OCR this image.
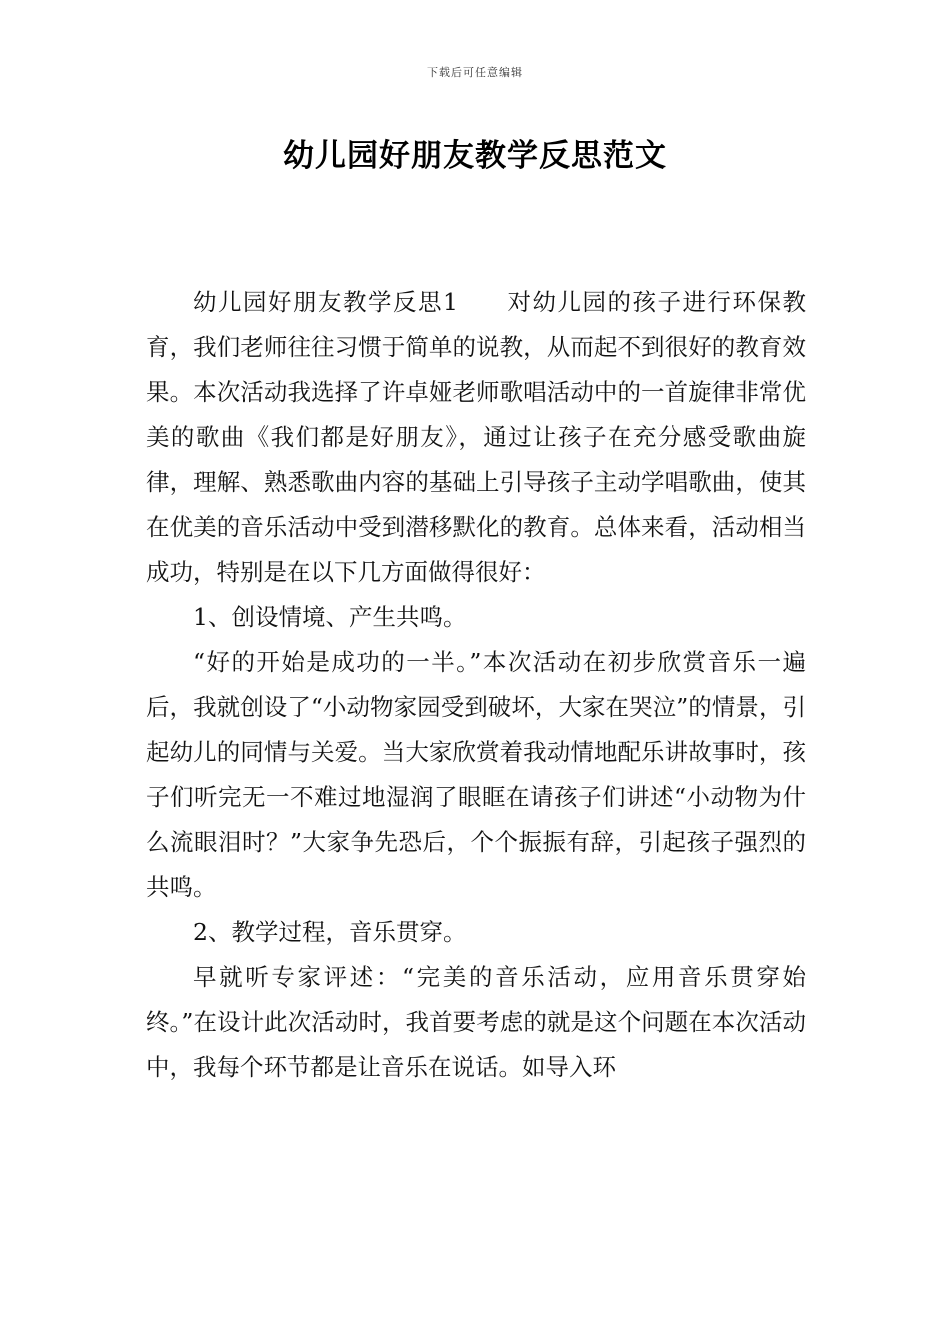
下载后可任意编辑
幼儿园好朋友教学反思范文

幼儿园好朋友教学反思1 对幼儿园的孩子进行环保教育，我们老师往往习惯于简单的说教，从而起不到很好的教育效果。本次活动我选择了许卓娅老师歌唱活动中的一首旋律非常优美的歌曲《我们都是好朋友》，通过让孩子在充分感受歌曲旋律，理解、熟悉歌曲内容的基础上引导孩子主动学唱歌曲，使其在优美的音乐活动中受到潜移默化的教育。总体来看，活动相当成功，特别是在以下几方面做得很好：

1、创设情境、产生共鸣。

“好的开始是成功的一半。”本次活动在初步欣赏音乐一遍后，我就创设了“小动物家园受到破坏，大家在哭泣”的情景，引起幼儿的同情与关爱。当大家欣赏着我动情地配乐讲故事时，孩子们听完无一不难过地湿润了眼眶在请孩子们讲述“小动物为什么流眼泪时？”大家争先恐后，个个振振有辞，引起孩子强烈的共鸣。

2、教学过程，音乐贯穿。

早就听专家评述：“完美的音乐活动，应用音乐贯穿始终。”在设计此次活动时，我首要考虑的就是这个问题在本次活动中，我每个环节都是让音乐在说话。如导入环
